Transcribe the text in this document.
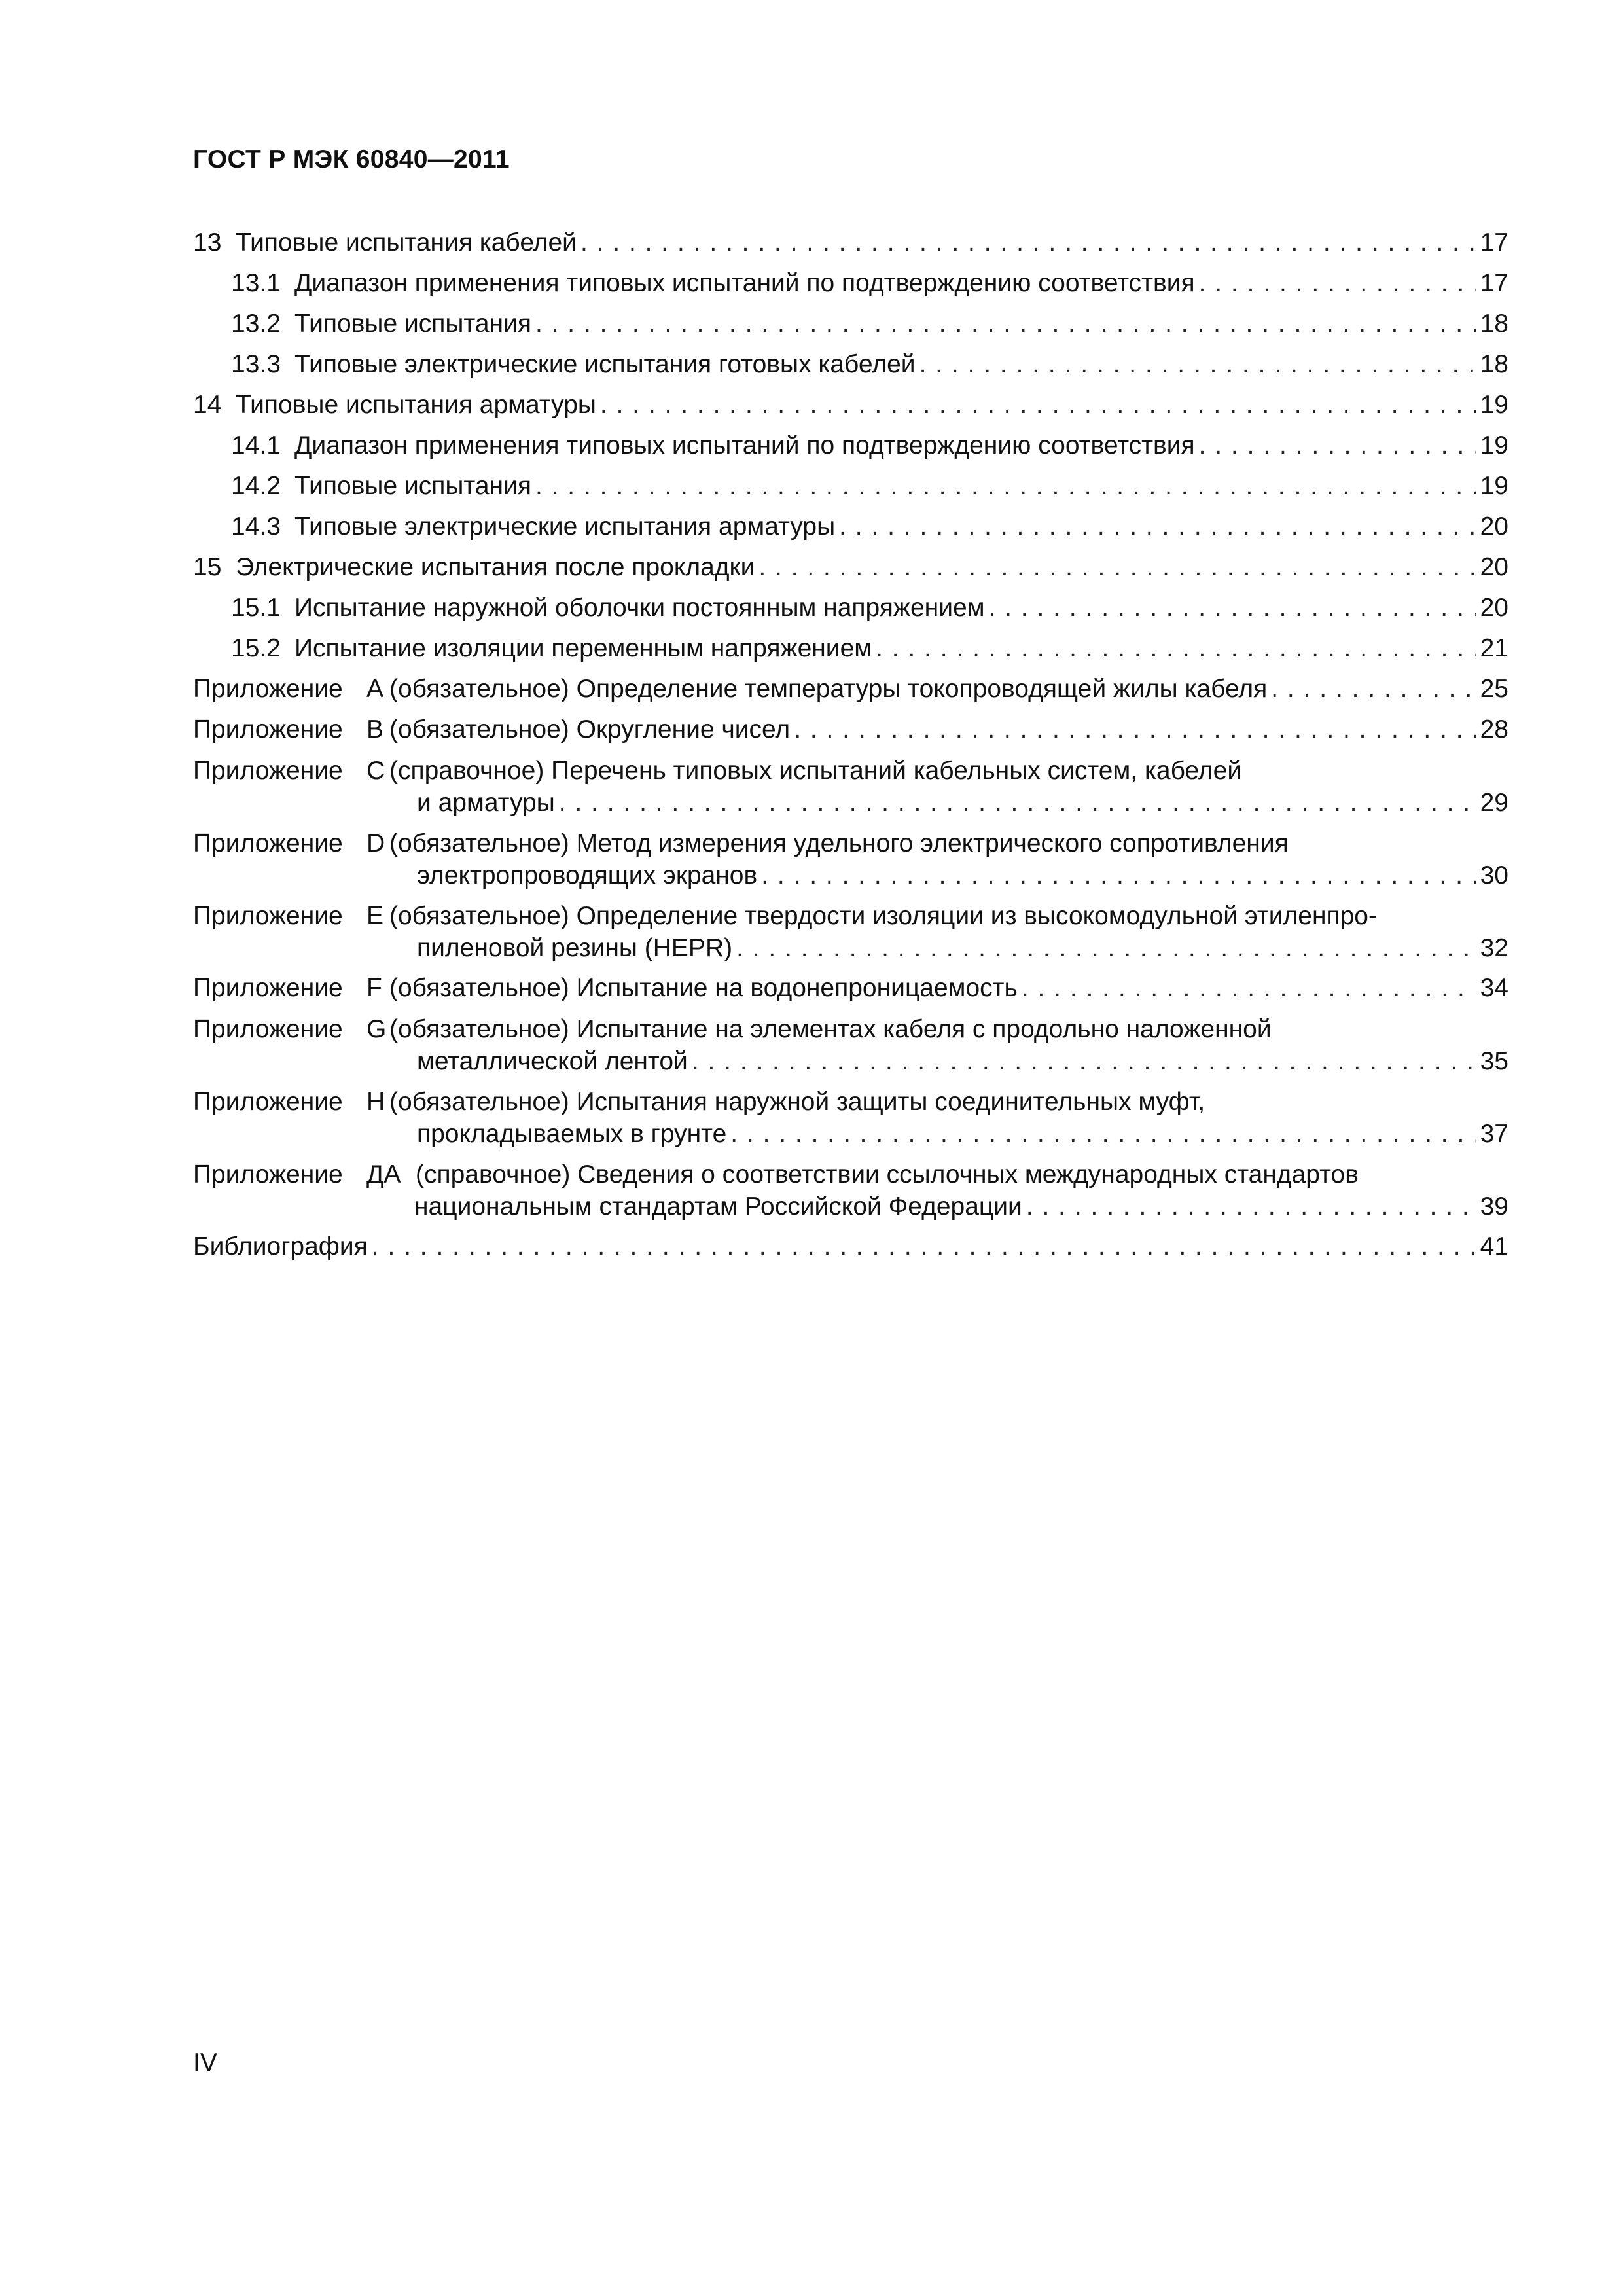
ГОСТ Р МЭК 60840—2011
13 Типовые испытания кабелей . . .	17
13.1 Диапазон применения типовых испытаний по подтверждению соответствия . . .	17
13.2 Типовые испытания . . .	18
13.3 Типовые электрические испытания готовых кабелей . . .	18
14 Типовые испытания арматуры . . .	19
14.1 Диапазон применения типовых испытаний по подтверждению соответствия . . .	19
14.2 Типовые испытания . . .	19
14.3 Типовые электрические испытания арматуры . . .	20
15 Электрические испытания после прокладки . . .	20
15.1 Испытание наружной оболочки постоянным напряжением . . .	20
15.2 Испытание изоляции переменным напряжением . . .	21
Приложение A (обязательное) Определение температуры токопроводящей жилы кабеля . . .	25
Приложение B (обязательное) Округление чисел . . .	28
Приложение C (справочное) Перечень типовых испытаний кабельных систем, кабелей
и арматуры . . .	29
Приложение D (обязательное) Метод измерения удельного электрического сопротивления
электропроводящих экранов . . .	30
Приложение E (обязательное) Определение твердости изоляции из высокомодульной этиленпро-
пиленовой резины (HEPR) . . .	32
Приложение F (обязательное) Испытание на водонепроницаемость . . .	34
Приложение G (обязательное) Испытание на элементах кабеля с продольно наложенной
металлической лентой . . .	35
Приложение H (обязательное) Испытания наружной защиты соединительных муфт,
прокладываемых в грунте . . .	37
Приложение ДА (справочное) Сведения о соответствии ссылочных международных стандартов
национальным стандартам Российской Федерации . . .	39
Библиография . . .	41
IV
